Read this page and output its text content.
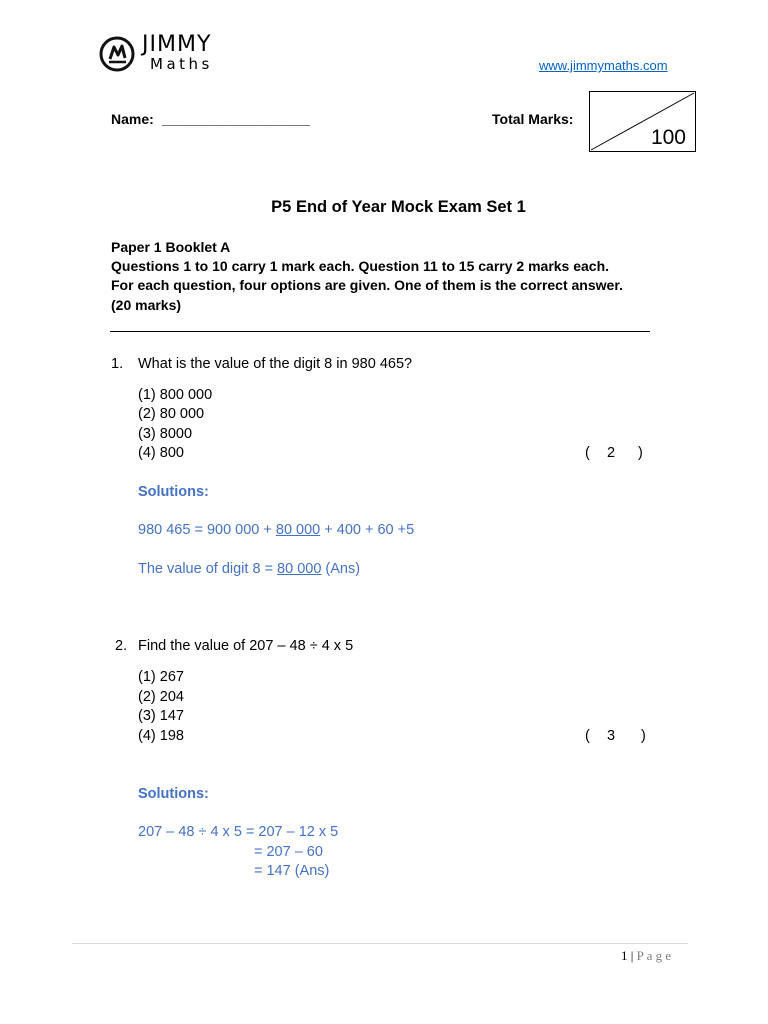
JIMMY
Maths	www.jimmymaths.com
Name: ___________________	Total Marks:
100
P5 End of Year Mock Exam Set 1
Paper 1 Booklet A
Questions 1 to 10 carry 1 mark each. Question 11 to 15 carry 2 marks each.
For each question, four options are given. One of them is the correct answer.
(20 marks)
1. What is the value of the digit 8 in 980 465?
(1) 800 000
(2) 80 000
(3) 8000
(4) 800	( 2 )
Solutions:
980 465 = 900 000 + 80 000 + 400 + 60 +5
The value of digit 8 = 80 000 (Ans)
2. Find the value of 207 – 48 ÷ 4 x 5
(1) 267
(2) 204
(3) 147
(4) 198	( 3 )
Solutions:
207 – 48 ÷ 4 x 5 = 207 – 12 x 5
= 207 – 60
= 147 (Ans)
1 | P a g e
